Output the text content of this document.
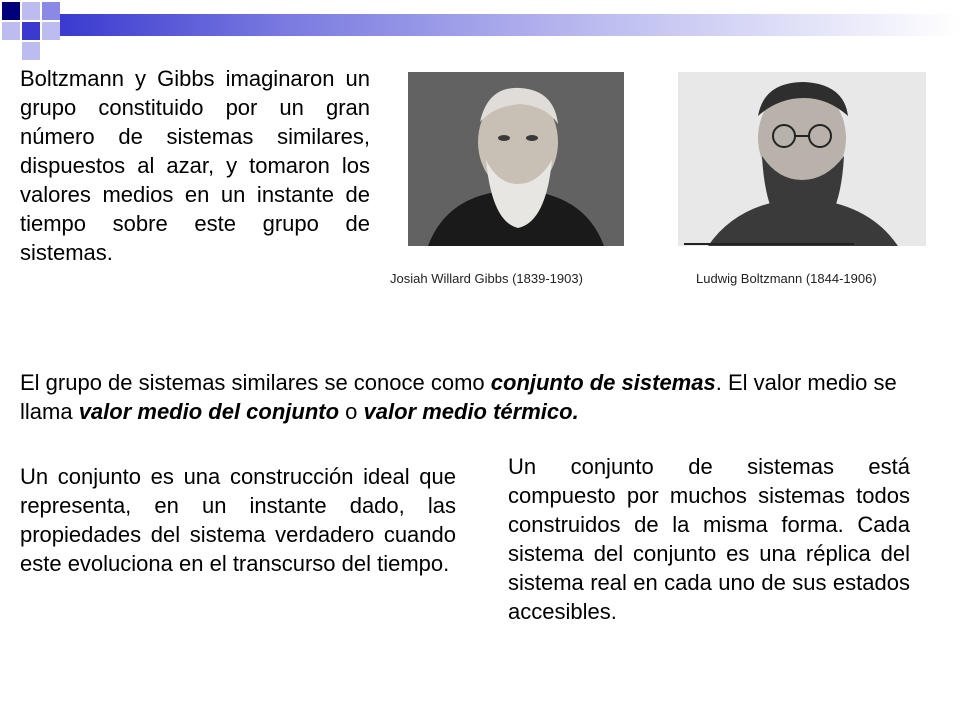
Boltzmann y Gibbs imaginaron un grupo constituido por un gran número de sistemas similares, dispuestos al azar, y tomaron los valores medios en un instante de tiempo sobre este grupo de sistemas.
Josiah Willard Gibbs (1839-1903)	Ludwig Boltzmann (1844-1906)
El grupo de sistemas similares se conoce como conjunto de sistemas. El valor medio se llama valor medio del conjunto o valor medio térmico.
Un conjunto es una construcción ideal que representa, en un instante dado, las propiedades del sistema verdadero cuando este evoluciona en el transcurso del tiempo.
Un conjunto de sistemas está compuesto por muchos sistemas todos construidos de la misma forma. Cada sistema del conjunto es una réplica del sistema real en cada uno de sus estados accesibles.
